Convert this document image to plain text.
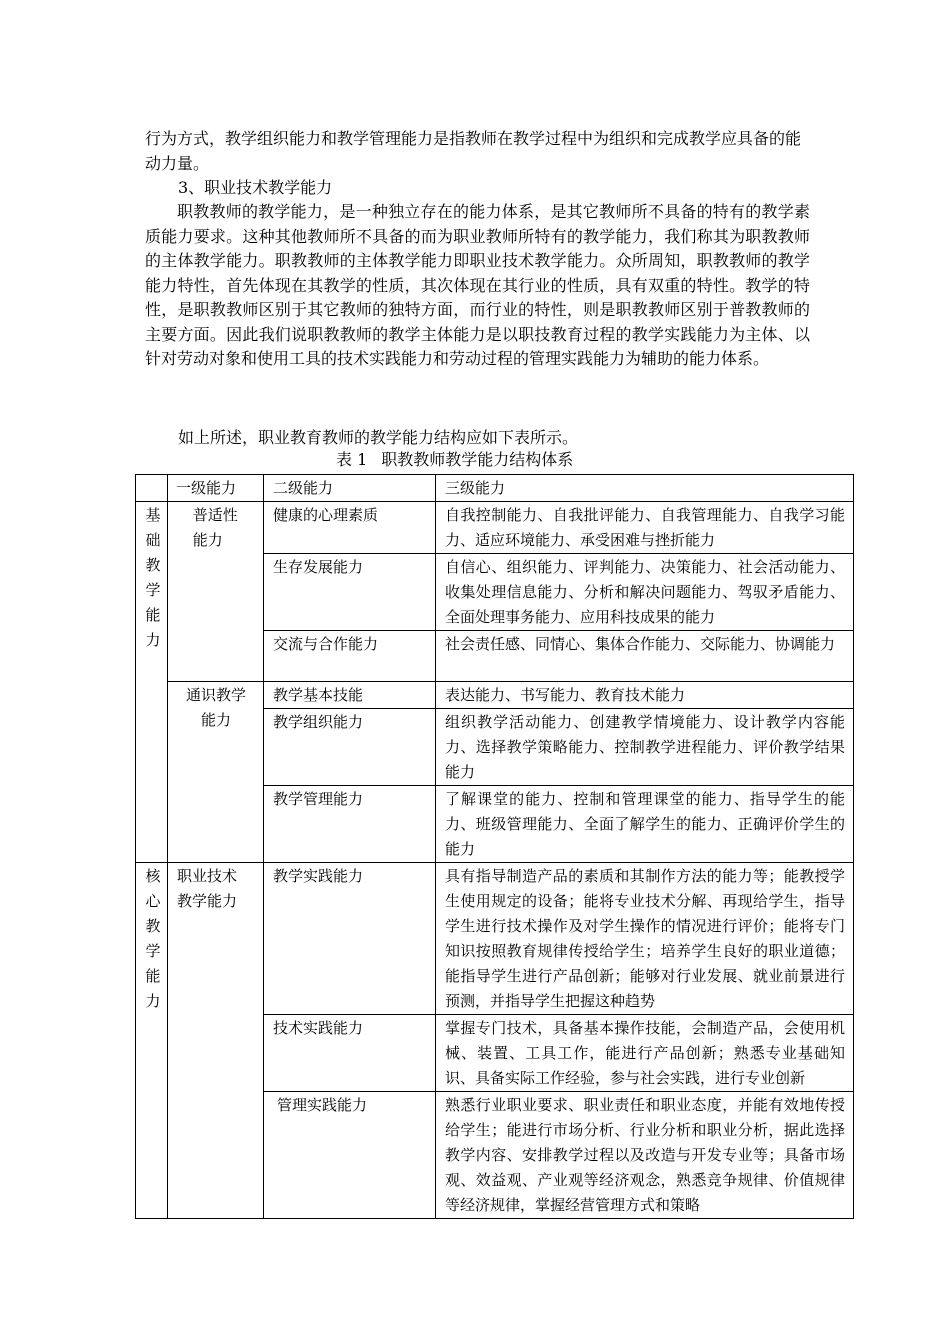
行为方式，教学组织能力和教学管理能力是指教师在教学过程中为组织和完成教学应具备的能动力量。

3、职业技术教学能力

职教教师的教学能力，是一种独立存在的能力体系，是其它教师所不具备的特有的教学素质能力要求。这种其他教师所不具备的而为职业教师所特有的教学能力，我们称其为职教教师的主体教学能力。职教教师的主体教学能力即职业技术教学能力。众所周知，职教教师的教学能力特性，首先体现在其教学的性质，其次体现在其行业的性质，具有双重的特性。教学的特性，是职教教师区别于其它教师的独特方面，而行业的特性，则是职教教师区别于普教教师的主要方面。因此我们说职教教师的教学主体能力是以职技教育过程的教学实践能力为主体、以针对劳动对象和使用工具的技术实践能力和劳动过程的管理实践能力为辅助的能力体系。

如上所述，职业教育教师的教学能力结构应如下表所示。

表 1 职教教师教学能力结构体系

	一级能力	二级能力	三级能力

基础教学能力	普适性能力	健康的心理素质	自我控制能力、自我批评能力、自我管理能力、自我学习能力、适应环境能力、承受困难与挫折能力
		生存发展能力	自信心、组织能力、评判能力、决策能力、社会活动能力、收集处理信息能力、分析和解决问题能力、驾驭矛盾能力、全面处理事务能力、应用科技成果的能力
		交流与合作能力	社会责任感、同情心、集体合作能力、交际能力、协调能力
	通识教学能力	教学基本技能	表达能力、书写能力、教育技术能力
		教学组织能力	组织教学活动能力、创建教学情境能力、设计教学内容能力、选择教学策略能力、控制教学进程能力、评价教学结果能力
		教学管理能力	了解课堂的能力、控制和管理课堂的能力、指导学生的能力、班级管理能力、全面了解学生的能力、正确评价学生的能力

核心教学能力	职业技术教学能力	教学实践能力	具有指导制造产品的素质和其制作方法的能力等；能教授学生使用规定的设备；能将专业技术分解、再现给学生，指导学生进行技术操作及对学生操作的情况进行评价；能将专门知识按照教育规律传授给学生；培养学生良好的职业道德；能指导学生进行产品创新；能够对行业发展、就业前景进行预测，并指导学生把握这种趋势
		技术实践能力	掌握专门技术，具备基本操作技能，会制造产品，会使用机械、装置、工具工作，能进行产品创新；熟悉专业基础知识、具备实际工作经验，参与社会实践，进行专业创新
		管理实践能力	熟悉行业职业要求、职业责任和职业态度，并能有效地传授给学生；能进行市场分析、行业分析和职业分析，据此选择教学内容、安排教学过程以及改造与开发专业等；具备市场观、效益观、产业观等经济观念，熟悉竞争规律、价值规律等经济规律，掌握经营管理方式和策略
